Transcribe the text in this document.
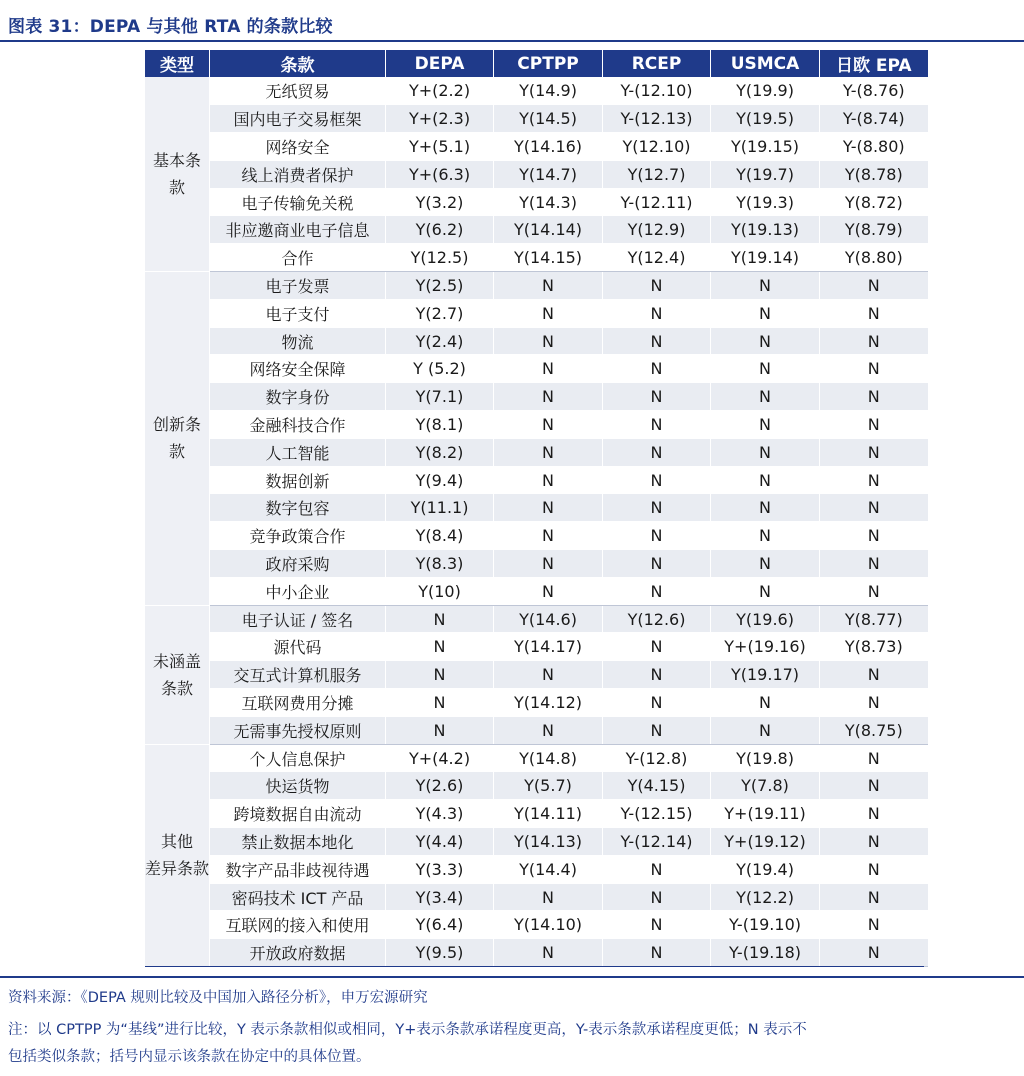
图表 31：DEPA 与其他 RTA 的条款比较
类型	条款	DEPA	CPTPP	RCEP	USMCA	日欧 EPA

基本条
款	无纸贸易	Y+(2.2)	Y(14.9)	Y-(12.10)	Y(19.9)	Y-(8.76)
	国内电子交易框架	Y+(2.3)	Y(14.5)	Y-(12.13)	Y(19.5)	Y-(8.74)
	网络安全	Y+(5.1)	Y(14.16)	Y(12.10)	Y(19.15)	Y-(8.80)
	线上消费者保护	Y+(6.3)	Y(14.7)	Y(12.7)	Y(19.7)	Y(8.78)
	电子传输免关税	Y(3.2)	Y(14.3)	Y-(12.11)	Y(19.3)	Y(8.72)
	非应邀商业电子信息	Y(6.2)	Y(14.14)	Y(12.9)	Y(19.13)	Y(8.79)
	合作	Y(12.5)	Y(14.15)	Y(12.4)	Y(19.14)	Y(8.80)

创新条
款	电子发票	Y(2.5)	N	N	N	N
	电子支付	Y(2.7)	N	N	N	N
	物流	Y(2.4)	N	N	N	N
	网络安全保障	Y (5.2)	N	N	N	N
	数字身份	Y(7.1)	N	N	N	N
	金融科技合作	Y(8.1)	N	N	N	N
	人工智能	Y(8.2)	N	N	N	N
	数据创新	Y(9.4)	N	N	N	N
	数字包容	Y(11.1)	N	N	N	N
	竞争政策合作	Y(8.4)	N	N	N	N
	政府采购	Y(8.3)	N	N	N	N
	中小企业	Y(10)	N	N	N	N

未涵盖
条款	电子认证 / 签名	N	Y(14.6)	Y(12.6)	Y(19.6)	Y(8.77)
	源代码	N	Y(14.17)	N	Y+(19.16)	Y(8.73)
	交互式计算机服务	N	N	N	Y(19.17)	N
	互联网费用分摊	N	Y(14.12)	N	N	N
	无需事先授权原则	N	N	N	N	Y(8.75)

其他
差异条款	个人信息保护	Y+(4.2)	Y(14.8)	Y-(12.8)	Y(19.8)	N
	快运货物	Y(2.6)	Y(5.7)	Y(4.15)	Y(7.8)	N
	跨境数据自由流动	Y(4.3)	Y(14.11)	Y-(12.15)	Y+(19.11)	N
	禁止数据本地化	Y(4.4)	Y(14.13)	Y-(12.14)	Y+(19.12)	N
	数字产品非歧视待遇	Y(3.3)	Y(14.4)	N	Y(19.4)	N
	密码技术 ICT 产品	Y(3.4)	N	N	Y(12.2)	N
	互联网的接入和使用	Y(6.4)	Y(14.10)	N	Y-(19.10)	N
	开放政府数据	Y(9.5)	N	N	Y-(19.18)	N
资料来源：《DEPA 规则比较及中国加入路径分析》，申万宏源研究
注：以 CPTPP 为“基线”进行比较，Y 表示条款相似或相同，Y+表示条款承诺程度更高，Y-表示条款承诺程度更低；N 表示不
包括类似条款；括号内显示该条款在协定中的具体位置。
